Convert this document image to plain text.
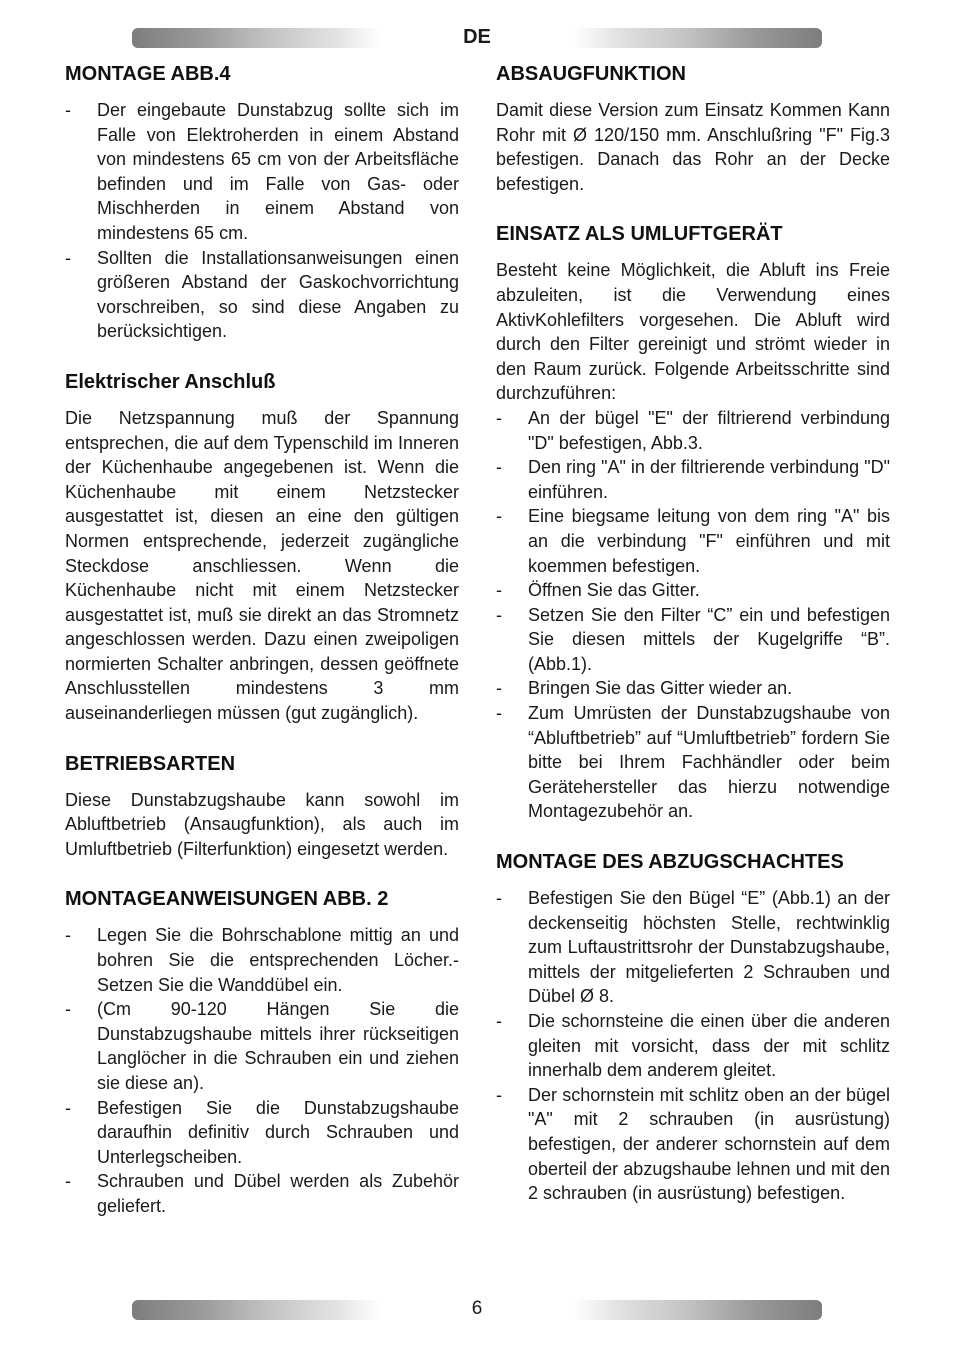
DE
MONTAGE ABB.4
- Der eingebaute Dunstabzug sollte sich im Falle von Elektroherden in einem Abstand von mindestens 65 cm von der Arbeitsfläche befinden und im Falle von Gas- oder Mischherden in einem Abstand von mindestens 65 cm.
- Sollten die Installationsanweisungen einen größeren Abstand der Gaskochvorrichtung vorschreiben, so sind diese Angaben zu berücksichtigen.
Elektrischer Anschluß

Die Netzspannung muß der Spannung entsprechen, die auf dem Typenschild im Inneren der Küchenhaube angegebenen ist. Wenn die Küchenhaube mit einem Netzstecker ausgestattet ist, diesen an eine den gültigen Normen entsprechende, jederzeit zugängliche Steckdose anschliessen. Wenn die Küchenhaube nicht mit einem Netzstecker ausgestattet ist, muß sie direkt an das Stromnetz angeschlossen werden. Dazu einen zweipoligen normierten Schalter anbringen, dessen geöffnete Anschlusstellen mindestens 3 mm auseinanderliegen müssen (gut zugänglich).

BETRIEBSARTEN

Diese Dunstabzugshaube kann sowohl im Abluftbetrieb (Ansaugfunktion), als auch im Umluftbetrieb (Filterfunktion) eingesetzt werden.

MONTAGEANWEISUNGEN ABB. 2
- Legen Sie die Bohrschablone mittig an und bohren Sie die entsprechenden Löcher.-Setzen Sie die Wanddübel ein.
- (Cm 90-120 Hängen Sie die Dunstabzugshaube mittels ihrer rückseitigen Langlöcher in die Schrauben ein und ziehen sie diese an).
- Befestigen Sie die Dunstabzugshaube daraufhin definitiv durch Schrauben und Unterlegscheiben.
- Schrauben und Dübel werden als Zubehör geliefert.
ABSAUGFUNKTION

Damit diese Version zum Einsatz Kommen Kann Rohr mit Ø 120/150 mm. Anschlußring "F" Fig.3 befestigen. Danach das Rohr an der Decke befestigen.

EINSATZ ALS UMLUFTGERÄT

Besteht keine Möglichkeit, die Abluft ins Freie abzuleiten, ist die Verwendung eines AktivKohlefilters vorgesehen. Die Abluft wird durch den Filter gereinigt und strömt wieder in den Raum zurück. Folgende Arbeitsschritte sind durchzuführen:

- An der bügel "E" der filtrierend verbindung "D" befestigen, Abb.3.
- Den ring "A" in der filtrierende verbindung "D" einführen.
- Eine biegsame leitung von dem ring "A" bis an die verbindung "F" einführen und mit koemmen befestigen.
- Öffnen Sie das Gitter.
- Setzen Sie den Filter “C” ein und befestigen Sie diesen mittels der Kugelgriffe “B”. (Abb.1).
- Bringen Sie das Gitter wieder an.
- Zum Umrüsten der Dunstabzugshaube von “Abluftbetrieb” auf “Umluftbetrieb” fordern Sie bitte bei Ihrem Fachhändler oder beim Gerätehersteller das hierzu notwendige Montagezubehör an.
MONTAGE DES ABZUGSCHACHTES
- Befestigen Sie den Bügel “E” (Abb.1) an der deckenseitig höchsten Stelle, rechtwinklig zum Luftaustrittsrohr der Dunstabzugshaube, mittels der mitgelieferten 2 Schrauben und Dübel Ø 8.
- Die schornsteine die einen über die anderen gleiten mit vorsicht, dass der mit schlitz innerhalb dem anderem gleitet.
- Der schornstein mit schlitz oben an der bügel "A" mit 2 schrauben (in ausrüstung) befestigen, der anderer schornstein auf dem oberteil der abzugshaube lehnen und mit den 2 schrauben (in ausrüstung) befestigen.
6
